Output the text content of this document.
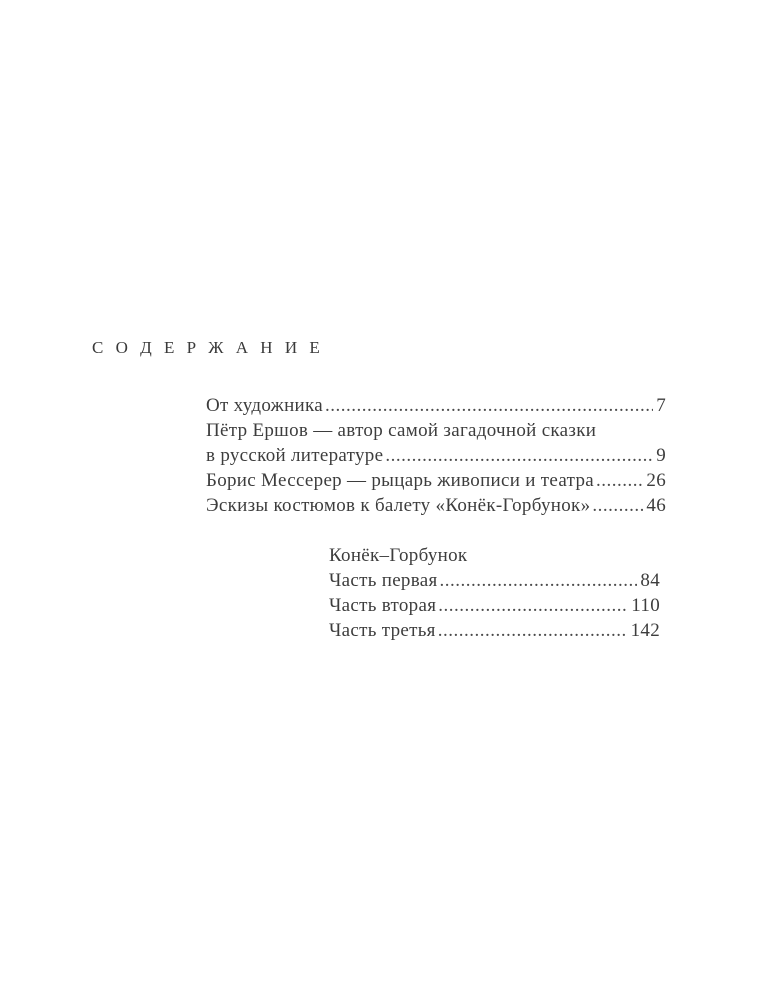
С О Д Е Р Ж А Н И Е
От художника .....	7
Пётр Ершов — автор самой загадочной сказки
в русской литературе .....	9
Борис Мессерер — рыцарь живописи и театра .....	26
Эскизы костюмов к балету «Конёк-Горбунок» .....	46
Конёк–Горбунок
Часть первая .....	84
Часть вторая .....	110
Часть третья .....	142
